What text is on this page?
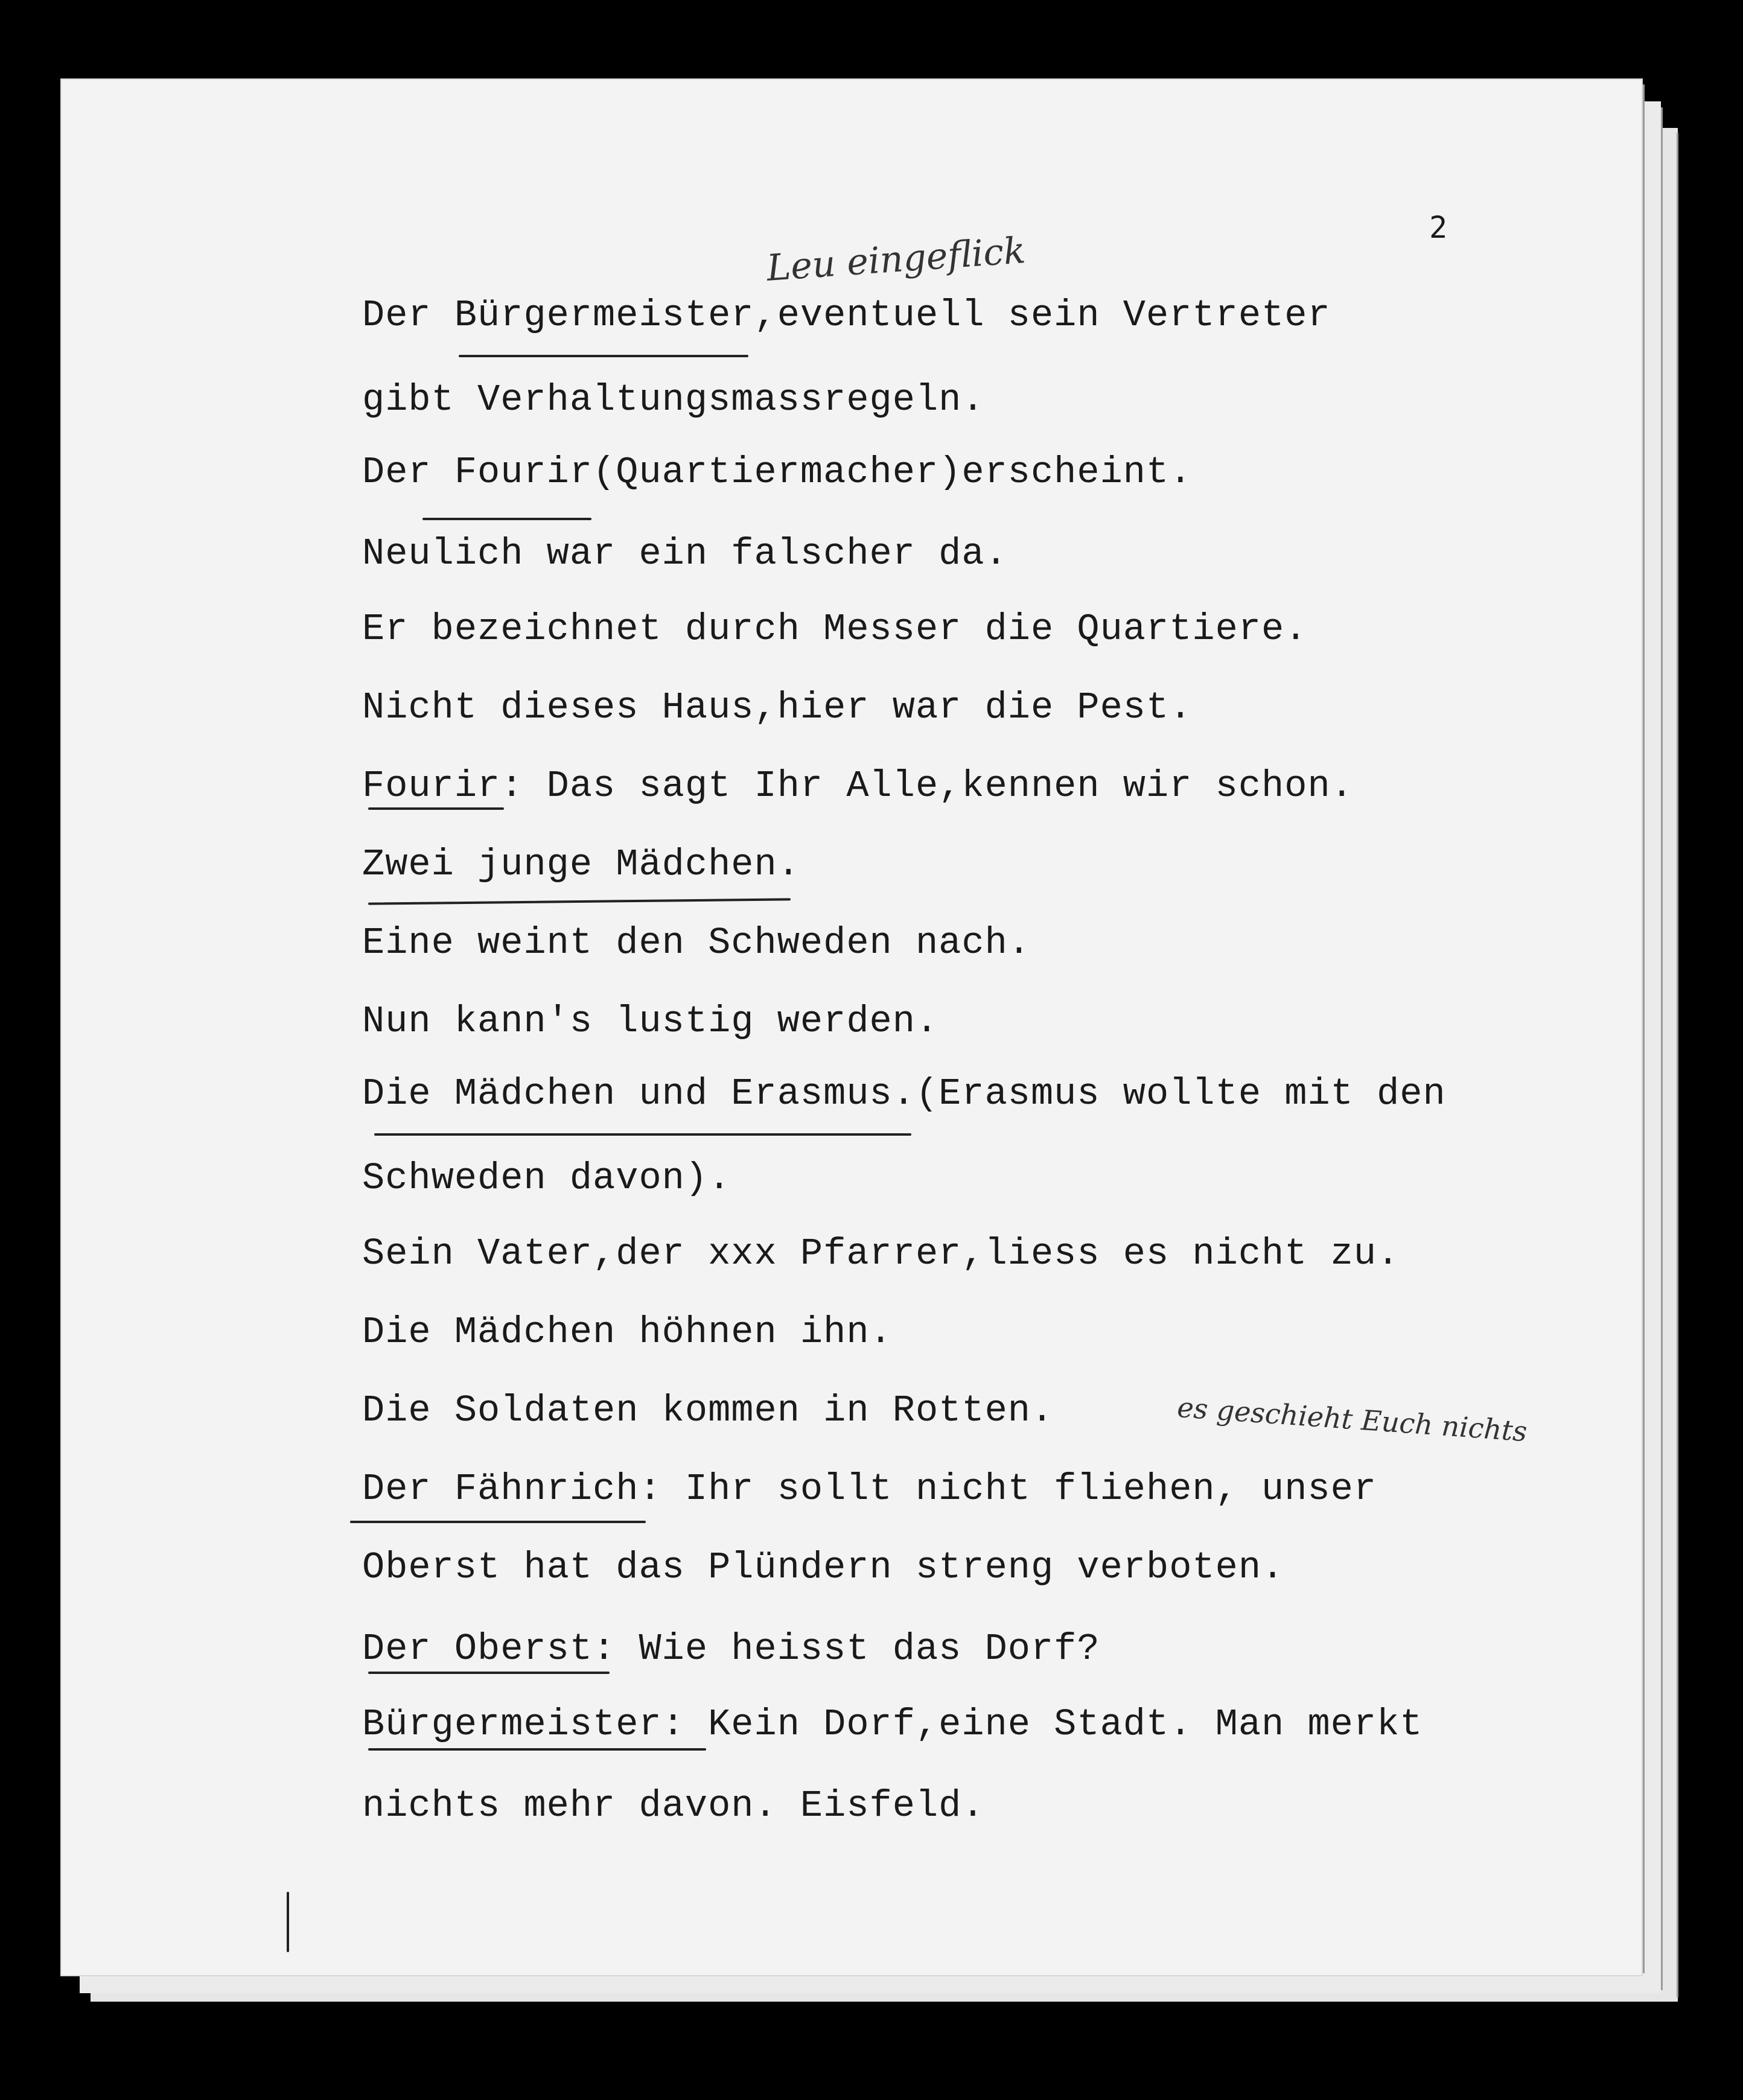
2
Leu eingeflick
es geschieht Euch nichts
Der Bürgermeister,eventuell sein Vertreter
gibt Verhaltungsmassregeln.
Der Fourir(Quartiermacher)erscheint.
Neulich war ein falscher da.
Er bezeichnet durch Messer die Quartiere.
Nicht dieses Haus,hier war die Pest.
Fourir: Das sagt Ihr Alle,kennen wir schon.
Zwei junge Mädchen.
Eine weint den Schweden nach.
Nun kann's lustig werden.
Die Mädchen und Erasmus.(Erasmus wollte mit den
Schweden davon).
Sein Vater,der xxx Pfarrer,liess es nicht zu.
Die Mädchen höhnen ihn.
Die Soldaten kommen in Rotten.
Der Fähnrich: Ihr sollt nicht fliehen, unser
Oberst hat das Plündern streng verboten.
Der Oberst: Wie heisst das Dorf?
Bürgermeister: Kein Dorf,eine Stadt. Man merkt
nichts mehr davon. Eisfeld.
